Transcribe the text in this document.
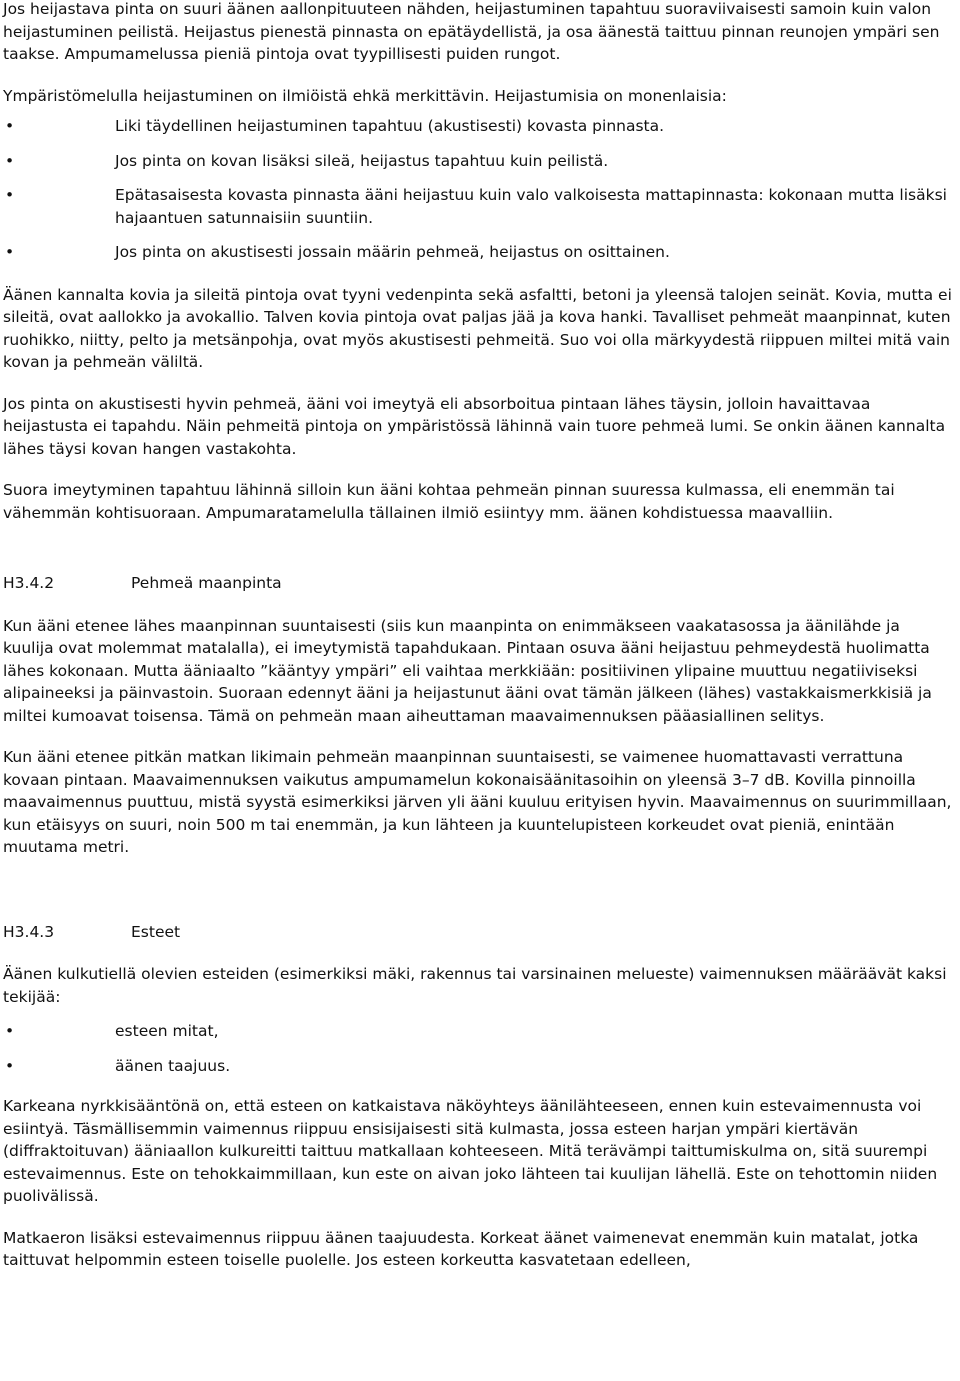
Jos heijastava pinta on suuri äänen aallonpituuteen nähden, heijastuminen tapahtuu suoraviivaisesti samoin kuin valon heijastuminen peilistä. Heijastus pienestä pinnasta on epätäydellistä, ja osa äänestä taittuu pinnan reunojen ympäri sen taakse. Ampumamelussa pieniä pintoja ovat tyypillisesti puiden rungot.

Ympäristömelulla heijastuminen on ilmiöistä ehkä merkittävin. Heijastumisia on monenlaisia:

•	Liki täydellinen heijastuminen tapahtuu (akustisesti) kovasta pinnasta.
•	Jos pinta on kovan lisäksi sileä, heijastus tapahtuu kuin peilistä.
•	Epätasaisesta kovasta pinnasta ääni heijastuu kuin valo valkoisesta mattapinnasta: kokonaan mutta lisäksi hajaantuen satunnaisiin suuntiin.
•	Jos pinta on akustisesti jossain määrin pehmeä, heijastus on osittainen.

Äänen kannalta kovia ja sileitä pintoja ovat tyyni vedenpinta sekä asfaltti, betoni ja yleensä talojen seinät. Kovia, mutta ei sileitä, ovat aallokko ja avokallio. Talven kovia pintoja ovat paljas jää ja kova hanki. Tavalliset pehmeät maanpinnat, kuten ruohikko, niitty, pelto ja metsänpohja, ovat myös akustisesti pehmeitä. Suo voi olla märkyydestä riippuen miltei mitä vain kovan ja pehmeän väliltä.

Jos pinta on akustisesti hyvin pehmeä, ääni voi imeytyä eli absorboitua pintaan lähes täysin, jolloin havaittavaa heijastusta ei tapahdu. Näin pehmeitä pintoja on ympäristössä lähinnä vain tuore pehmeä lumi. Se onkin äänen kannalta lähes täysi kovan hangen vastakohta.

Suora imeytyminen tapahtuu lähinnä silloin kun ääni kohtaa pehmeän pinnan suuressa kulmassa, eli enemmän tai vähemmän kohtisuoraan. Ampumaratamelulla tällainen ilmiö esiintyy mm. äänen kohdistuessa maavalliin.

H3.4.2	Pehmeä maanpinta

Kun ääni etenee lähes maanpinnan suuntaisesti (siis kun maanpinta on enimmäkseen vaakatasossa ja äänilähde ja kuulija ovat molemmat matalalla), ei imeytymistä tapahdukaan. Pintaan osuva ääni heijastuu pehmeydestä huolimatta lähes kokonaan. Mutta ääniaalto ”kääntyy ympäri” eli vaihtaa merkkiään: positiivinen ylipaine muuttuu negatiiviseksi alipaineeksi ja päinvastoin. Suoraan edennyt ääni ja heijastunut ääni ovat tämän jälkeen (lähes) vastakkaismerkkisiä ja miltei kumoavat toisensa. Tämä on pehmeän maan aiheuttaman maavaimennuksen pääasiallinen selitys.

Kun ääni etenee pitkän matkan likimain pehmeän maanpinnan suuntaisesti, se vaimenee huomattavasti verrattuna kovaan pintaan. Maavaimennuksen vaikutus ampumamelun kokonaisäänitasoihin on yleensä 3–7 dB. Kovilla pinnoilla maavaimennus puuttuu, mistä syystä esimerkiksi järven yli ääni kuuluu erityisen hyvin. Maavaimennus on suurimmillaan, kun etäisyys on suuri, noin 500 m tai enemmän, ja kun lähteen ja kuuntelupisteen korkeudet ovat pieniä, enintään muutama metri.

H3.4.3	Esteet

Äänen kulkutiellä olevien esteiden (esimerkiksi mäki, rakennus tai varsinainen melueste) vaimennuksen määräävät kaksi tekijää:

•	esteen mitat,
•	äänen taajuus.

Karkeana nyrkkisääntönä on, että esteen on katkaistava näköyhteys äänilähteeseen, ennen kuin estevaimennusta voi esiintyä. Täsmällisemmin vaimennus riippuu ensisijaisesti sitä kulmasta, jossa esteen harjan ympäri kiertävän (diffraktoituvan) ääniaallon kulkureitti taittuu matkallaan kohteeseen. Mitä terävämpi taittumiskulma on, sitä suurempi estevaimennus. Este on tehokkaimmillaan, kun este on aivan joko lähteen tai kuulijan lähellä. Este on tehottomin niiden puolivälissä.

Matkaeron lisäksi estevaimennus riippuu äänen taajuudesta. Korkeat äänet vaimenevat enemmän kuin matalat, jotka taittuvat helpommin esteen toiselle puolelle. Jos esteen korkeutta kasvatetaan edelleen,
